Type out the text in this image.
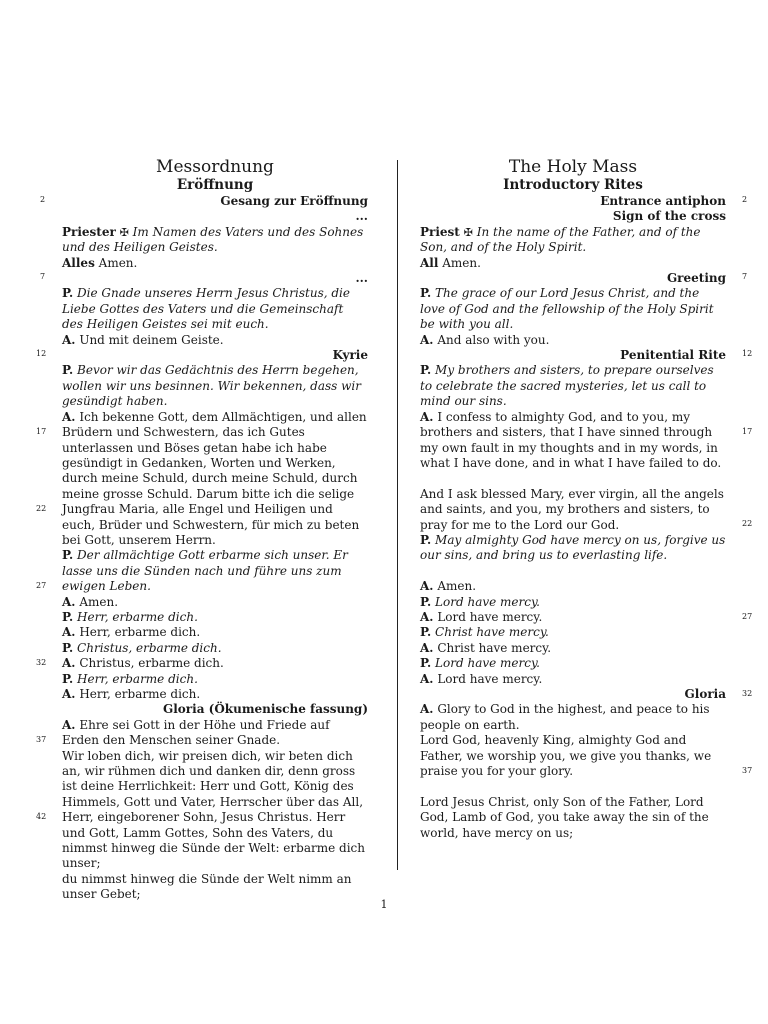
2
7
12
17
22
27
32
37
42
2
7
12
17
22
27
32
37
Messordnung
Eröffnung
Gesang zur Eröffnung
...
Priester ✠ Im Namen des Vaters und des Sohnes und des Heiligen Geistes.
Alles Amen.
...
P. Die Gnade unseres Herrn Jesus Christus, die Liebe Gottes des Vaters und die Gemeinschaft des Heiligen Geistes sei mit euch.
A. Und mit deinem Geiste.
Kyrie
P. Bevor wir das Gedächtnis des Herrn begehen, wollen wir uns besinnen. Wir bekennen, dass wir gesündigt haben.
A. Ich bekenne Gott, dem Allmächtigen, und allen Brüdern und Schwestern, das ich Gutes unterlassen und Böses getan habe ich habe gesündigt in Gedanken, Worten und Werken, durch meine Schuld, durch meine Schuld, durch meine grosse Schuld. Darum bitte ich die selige Jungfrau Maria, alle Engel und Heiligen und euch, Brüder und Schwestern, für mich zu beten bei Gott, unserem Herrn.
P. Der allmächtige Gott erbarme sich unser. Er lasse uns die Sünden nach und führe uns zum ewigen Leben.
A. Amen.
P. Herr, erbarme dich.
A. Herr, erbarme dich.
P. Christus, erbarme dich.
A. Christus, erbarme dich.
P. Herr, erbarme dich.
A. Herr, erbarme dich.
Gloria (Ökumenische fassung)
A. Ehre sei Gott in der Höhe und Friede auf Erden den Menschen seiner Gnade.
Wir loben dich, wir preisen dich, wir beten dich an, wir rühmen dich und danken dir, denn gross ist deine Herrlichkeit: Herr und Gott, König des Himmels, Gott und Vater, Herrscher über das All,
Herr, eingeborener Sohn, Jesus Christus. Herr und Gott, Lamm Gottes, Sohn des Vaters, du nimmst hinweg die Sünde der Welt: erbarme dich unser;
du nimmst hinweg die Sünde der Welt nimm an unser Gebet;
The Holy Mass
Introductory Rites
Entrance antiphon
Sign of the cross
Priest ✠ In the name of the Father, and of the Son, and of the Holy Spirit.
All Amen.
Greeting
P. The grace of our Lord Jesus Christ, and the love of God and the fellowship of the Holy Spirit be with you all.
A. And also with you.
Penitential Rite
P. My brothers and sisters, to prepare ourselves to celebrate the sacred mysteries, let us call to mind our sins.
A. I confess to almighty God, and to you, my brothers and sisters, that I have sinned through my own fault in my thoughts and in my words, in what I have done, and in what I have failed to do.
And I ask blessed Mary, ever virgin, all the angels and saints, and you, my brothers and sisters, to pray for me to the Lord our God.
P. May almighty God have mercy on us, forgive us our sins, and bring us to everlasting life.
A. Amen.
P. Lord have mercy.
A. Lord have mercy.
P. Christ have mercy.
A. Christ have mercy.
P. Lord have mercy.
A. Lord have mercy.
Gloria
A. Glory to God in the highest, and peace to his people on earth.
Lord God, heavenly King, almighty God and Father, we worship you, we give you thanks, we praise you for your glory.
Lord Jesus Christ, only Son of the Father, Lord God, Lamb of God, you take away the sin of the world, have mercy on us;
1
